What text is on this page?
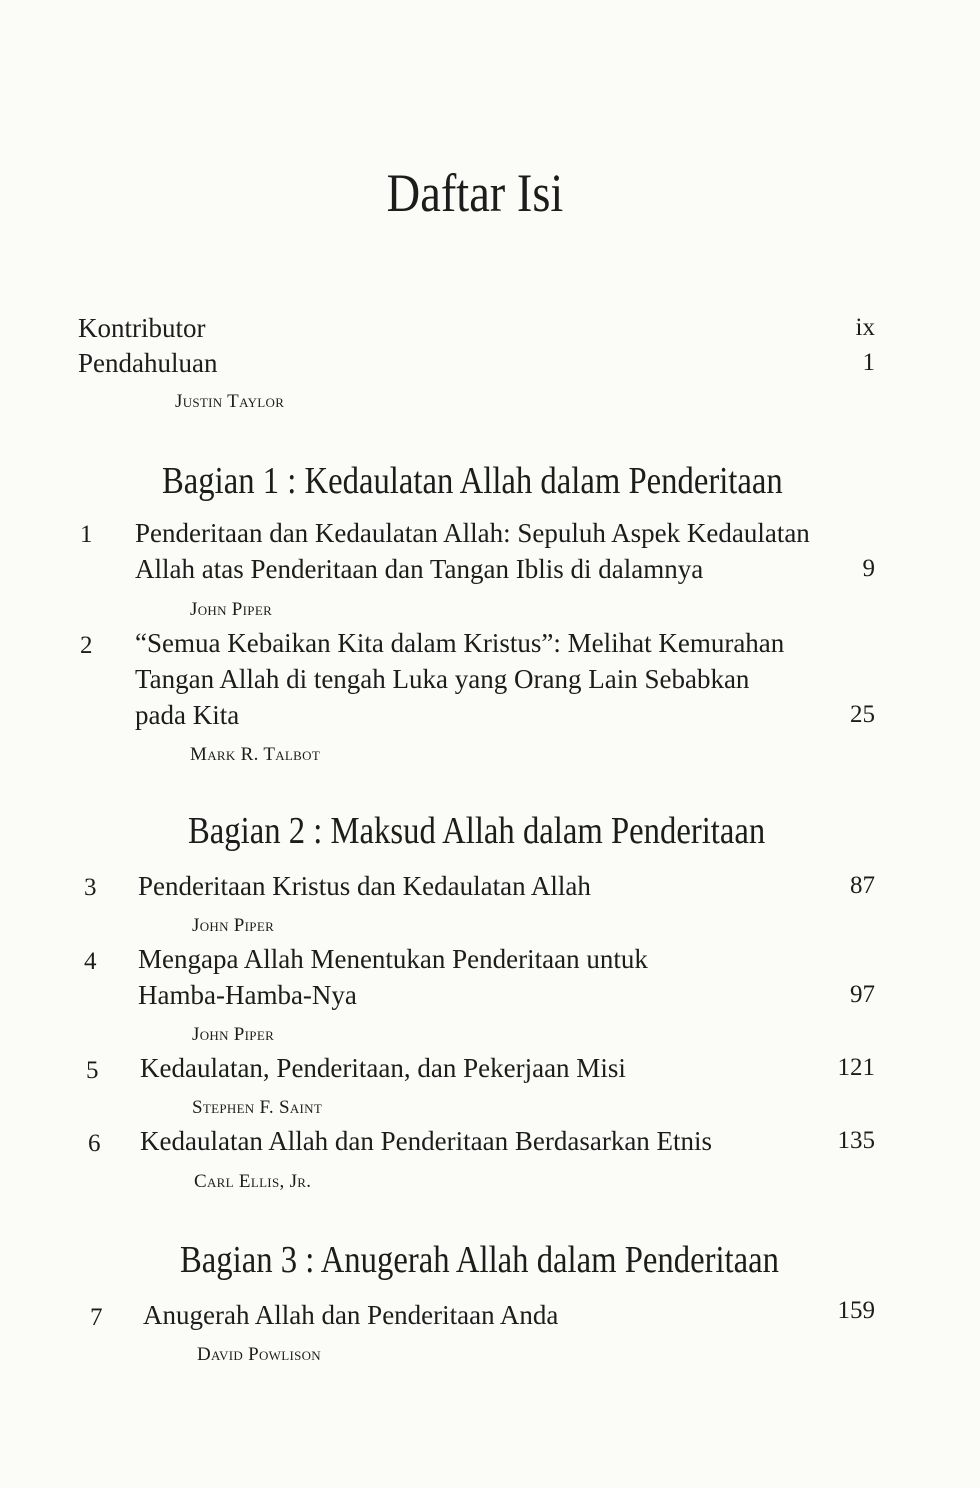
Daftar Isi
Kontributor	ix
Pendahuluan	1
Justin Taylor
Bagian 1 : Kedaulatan Allah dalam Penderitaan
1 Penderitaan dan Kedaulatan Allah: Sepuluh Aspek Kedaulatan
Allah atas Penderitaan dan Tangan Iblis di dalamnya	9
John Piper
2 “Semua Kebaikan Kita dalam Kristus”: Melihat Kemurahan
Tangan Allah di tengah Luka yang Orang Lain Sebabkan
pada Kita	25
Mark R. Talbot
Bagian 2 : Maksud Allah dalam Penderitaan
3 Penderitaan Kristus dan Kedaulatan Allah	87
John Piper
4 Mengapa Allah Menentukan Penderitaan untuk
Hamba-Hamba-Nya	97
John Piper
5 Kedaulatan, Penderitaan, dan Pekerjaan Misi	121
Stephen F. Saint
6 Kedaulatan Allah dan Penderitaan Berdasarkan Etnis	135
Carl Ellis, Jr.
Bagian 3 : Anugerah Allah dalam Penderitaan
7 Anugerah Allah dan Penderitaan Anda	159
David Powlison
